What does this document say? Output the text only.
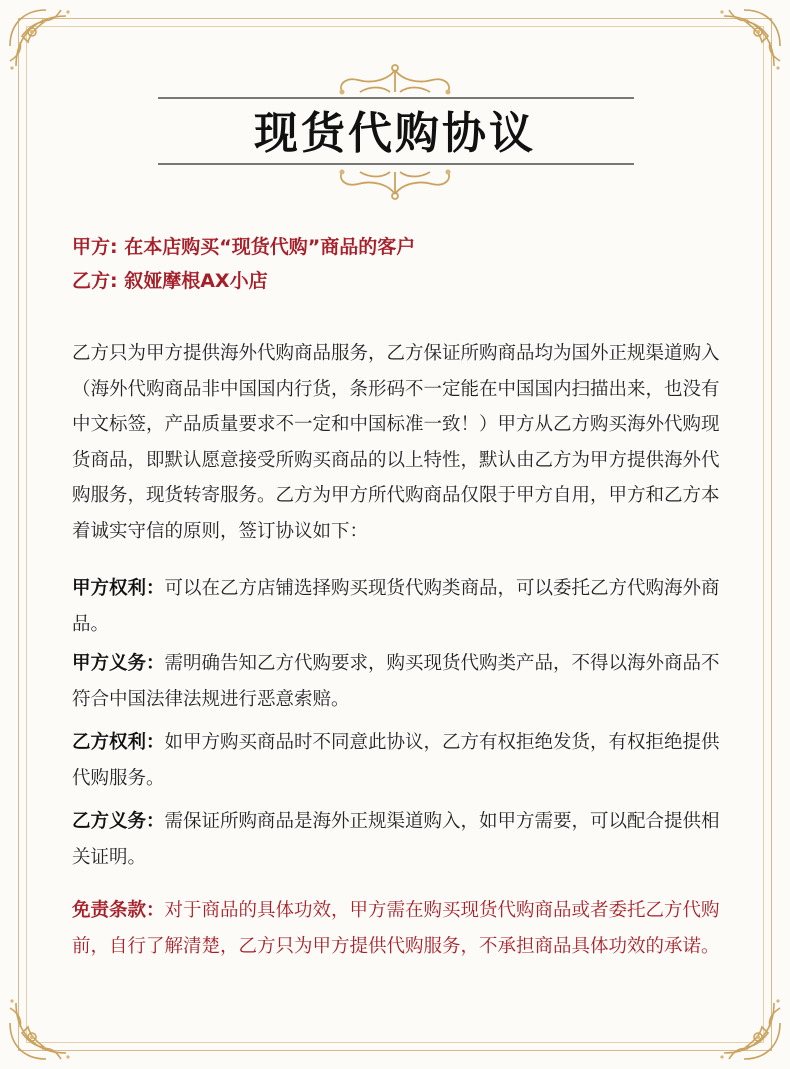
现货代购协议
甲方: 在本店购买“现货代购”商品的客户
乙方: 叙娅摩根AX小店
乙方只为甲方提供海外代购商品服务，乙方保证所购商品均为国外正规渠道购入（海外代购商品非中国国内行货，条形码不一定能在中国国内扫描出来，也没有中文标签，产品质量要求不一定和中国标准一致！）甲方从乙方购买海外代购现货商品，即默认愿意接受所购买商品的以上特性，默认由乙方为甲方提供海外代购服务，现货转寄服务。乙方为甲方所代购商品仅限于甲方自用，甲方和乙方本着诚实守信的原则，签订协议如下：
甲方权利：可以在乙方店铺选择购买现货代购类商品，可以委托乙方代购海外商品。
甲方义务：需明确告知乙方代购要求，购买现货代购类产品，不得以海外商品不符合中国法律法规进行恶意索赔。
乙方权利：如甲方购买商品时不同意此协议，乙方有权拒绝发货，有权拒绝提供代购服务。
乙方义务：需保证所购商品是海外正规渠道购入，如甲方需要，可以配合提供相关证明。
免责条款：对于商品的具体功效，甲方需在购买现货代购商品或者委托乙方代购前，自行了解清楚，乙方只为甲方提供代购服务，不承担商品具体功效的承诺。
